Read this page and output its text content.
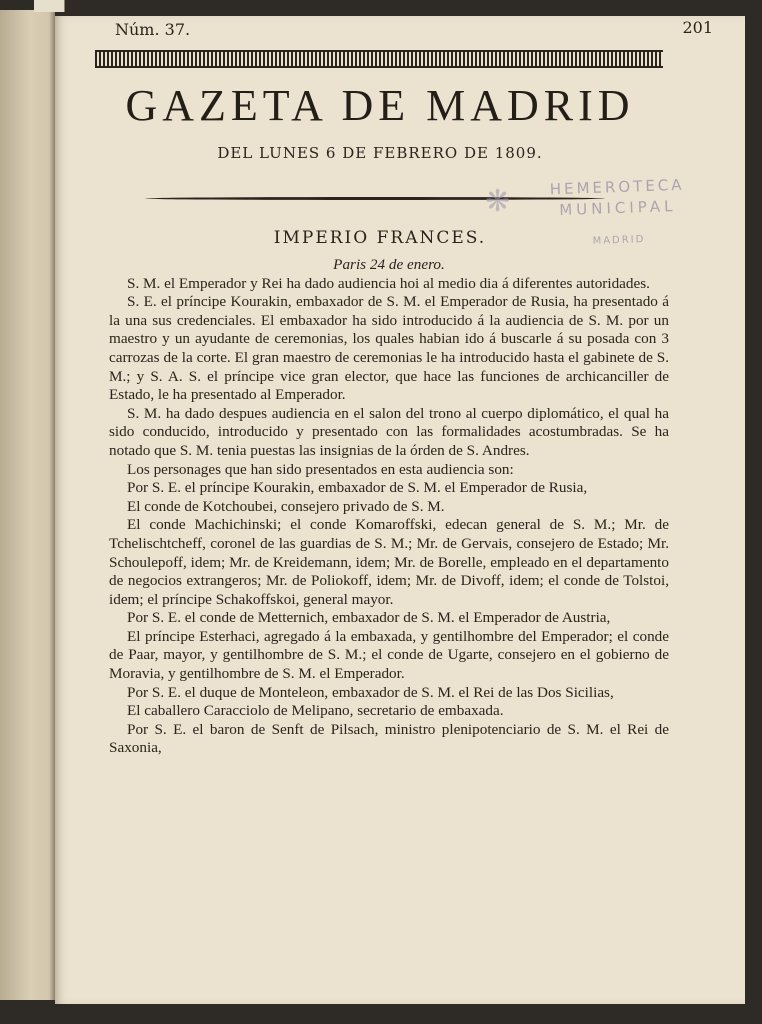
Núm. 37.	201
GAZETA DE MADRID
DEL LUNES 6 DE FEBRERO DE 1809.
❋	HEMEROTECA
MUNICIPAL
MADRID
IMPERIO FRANCES.

Paris 24 de enero.

S. M. el Emperador y Rei ha dado audiencia hoi al medio dia á diferentes autoridades.

S. E. el príncipe Kourakin, embaxador de S. M. el Emperador de Rusia, ha presentado á la una sus credenciales. El embaxador ha sido introducido á la audiencia de S. M. por un maestro y un ayudante de ceremonias, los quales habian ido á buscarle á su posada con 3 carrozas de la corte. El gran maestro de ceremonias le ha introducido hasta el gabinete de S. M.; y S. A. S. el príncipe vice gran elector, que hace las funciones de archicanciller de Estado, le ha presentado al Emperador.

S. M. ha dado despues audiencia en el salon del trono al cuerpo diplomático, el qual ha sido conducido, introducido y presentado con las formalidades acostumbradas. Se ha notado que S. M. tenia puestas las insignias de la órden de S. Andres.

Los personages que han sido presentados en esta audiencia son:

Por S. E. el príncipe Kourakin, embaxador de S. M. el Emperador de Rusia,

El conde de Kotchoubei, consejero privado de S. M.

El conde Machichinski; el conde Komaroffski, edecan general de S. M.; Mr. de Tchelischtcheff, coronel de las guardias de S. M.; Mr. de Gervais, consejero de Estado; Mr. Schoulepoff, idem; Mr. de Kreidemann, idem; Mr. de Borelle, empleado en el departamento de negocios extrangeros; Mr. de Poliokoff, idem; Mr. de Divoff, idem; el conde de Tolstoi, idem; el príncipe Schakoffskoi, general mayor.

Por S. E. el conde de Metternich, embaxador de S. M. el Emperador de Austria,

El príncipe Esterhaci, agregado á la embaxada, y gentilhombre del Emperador; el conde de Paar, mayor, y gentilhombre de S. M.; el conde de Ugarte, consejero en el gobierno de Moravia, y gentilhombre de S. M. el Emperador.

Por S. E. el duque de Monteleon, embaxador de S. M. el Rei de las Dos Sicilias,

El caballero Caracciolo de Melipano, secretario de embaxada.

Por S. E. el baron de Senft de Pilsach, ministro plenipotenciario de S. M. el Rei de Saxonia,
